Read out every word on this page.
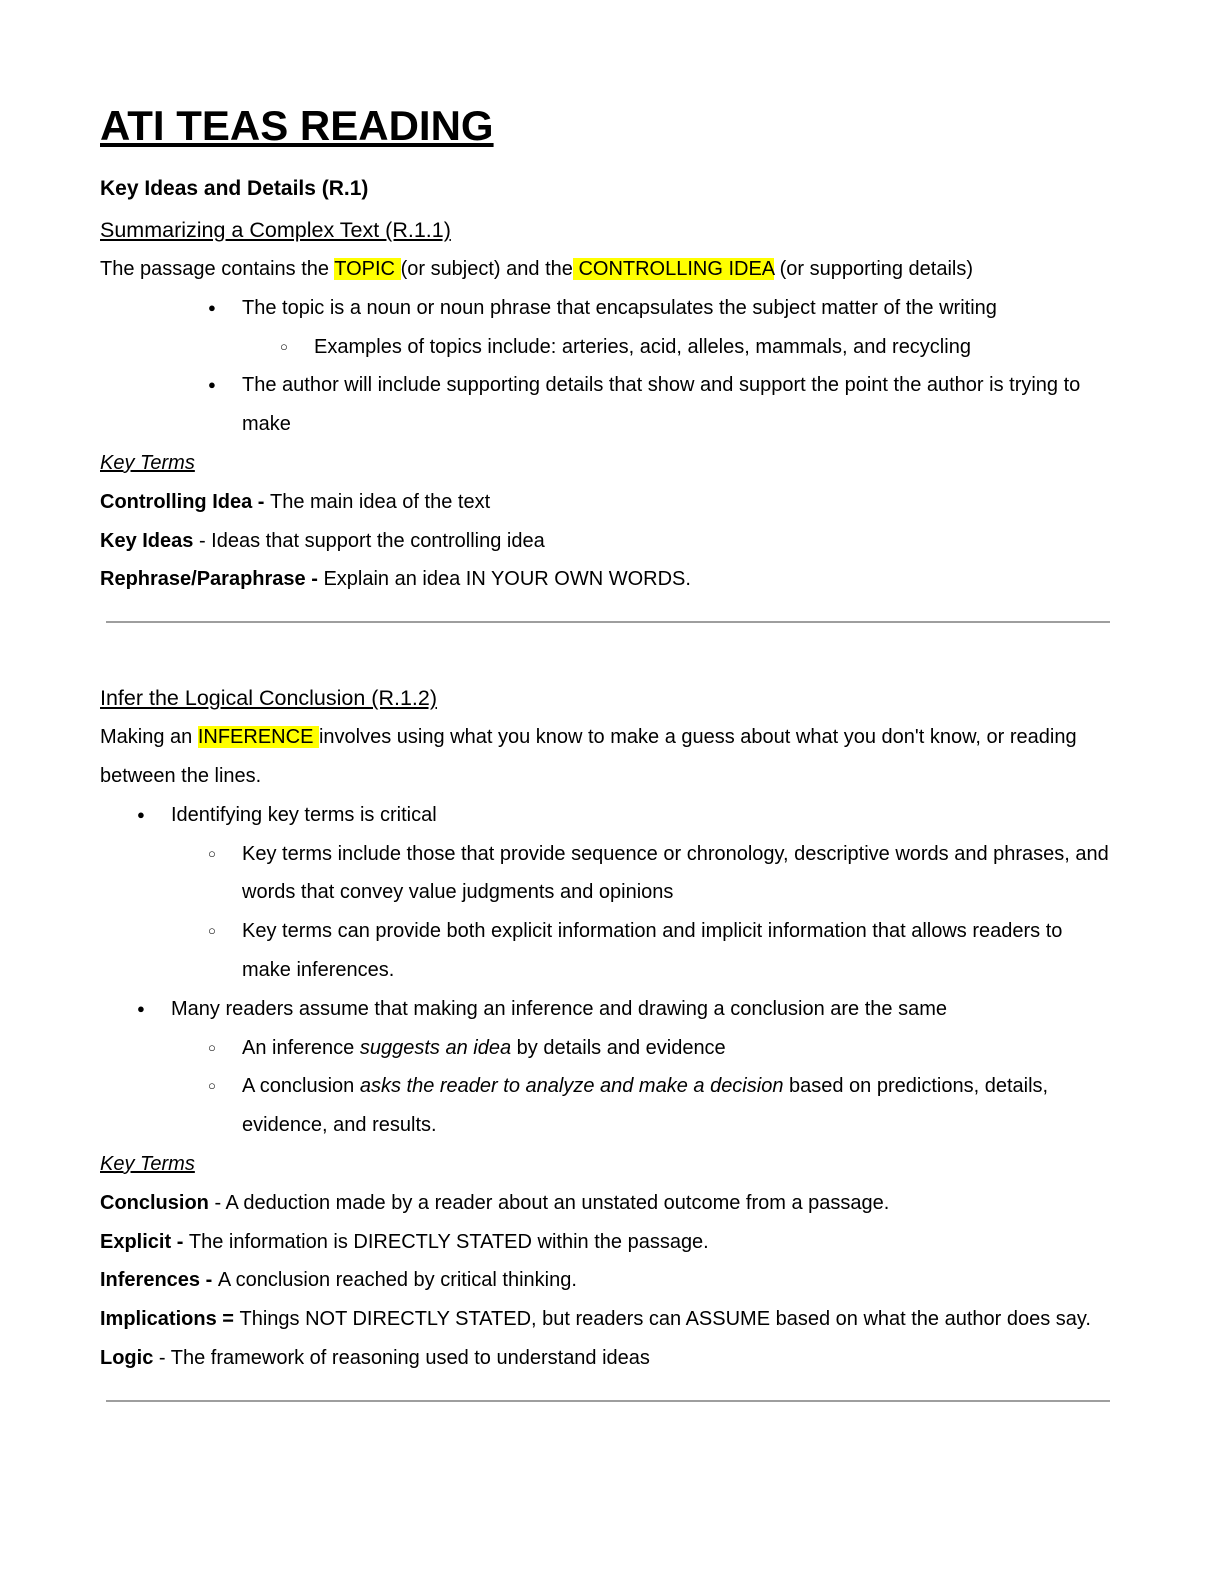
ATI TEAS READING
Key Ideas and Details (R.1)

Summarizing a Complex Text (R.1.1)

The passage contains the TOPIC (or subject) and the CONTROLLING IDEA (or supporting details)

● The topic is a noun or noun phrase that encapsulates the subject matter of the writing
○ Examples of topics include: arteries, acid, alleles, mammals, and recycling
● The author will include supporting details that show and support the point the author is trying to make

Key Terms

Controlling Idea - The main idea of the text

Key Ideas - Ideas that support the controlling idea

Rephrase/Paraphrase - Explain an idea IN YOUR OWN WORDS.

Infer the Logical Conclusion (R.1.2)

Making an INFERENCE involves using what you know to make a guess about what you don't know, or reading between the lines.

● Identifying key terms is critical
○ Key terms include those that provide sequence or chronology, descriptive words and phrases, and words that convey value judgments and opinions
○ Key terms can provide both explicit information and implicit information that allows readers to make inferences.
● Many readers assume that making an inference and drawing a conclusion are the same
○ An inference suggests an idea by details and evidence
○ A conclusion asks the reader to analyze and make a decision based on predictions, details, evidence, and results.

Key Terms

Conclusion - A deduction made by a reader about an unstated outcome from a passage.

Explicit - The information is DIRECTLY STATED within the passage.

Inferences - A conclusion reached by critical thinking.

Implications = Things NOT DIRECTLY STATED, but readers can ASSUME based on what the author does say.

Logic - The framework of reasoning used to understand ideas
